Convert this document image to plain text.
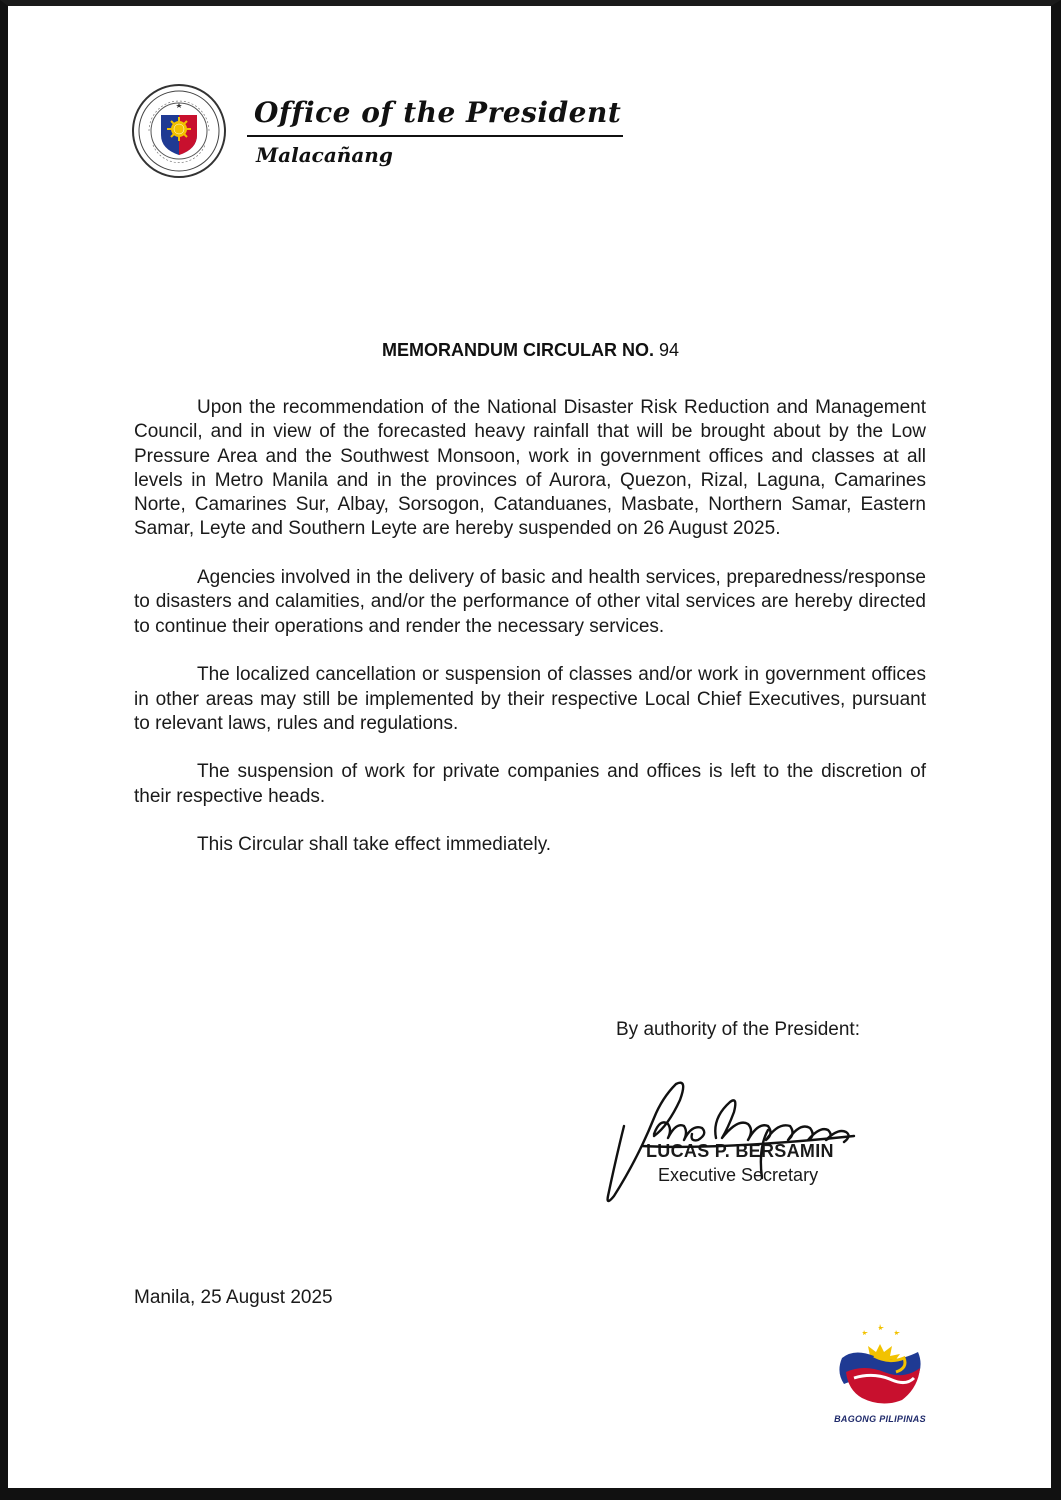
Office of the President
Malacañang
MEMORANDUM CIRCULAR NO. 94

Upon the recommendation of the National Disaster Risk Reduction and Management Council, and in view of the forecasted heavy rainfall that will be brought about by the Low Pressure Area and the Southwest Monsoon, work in government offices and classes at all levels in Metro Manila and in the provinces of Aurora, Quezon, Rizal, Laguna, Camarines Norte, Camarines Sur, Albay, Sorsogon, Catanduanes, Masbate, Northern Samar, Eastern Samar, Leyte and Southern Leyte are hereby suspended on 26 August 2025.

Agencies involved in the delivery of basic and health services, preparedness/response to disasters and calamities, and/or the performance of other vital services are hereby directed to continue their operations and render the necessary services.

The localized cancellation or suspension of classes and/or work in government offices in other areas may still be implemented by their respective Local Chief Executives, pursuant to relevant laws, rules and regulations.

The suspension of work for private companies and offices is left to the discretion of their respective heads.

This Circular shall take effect immediately.

By authority of the President:
LUCAS P. BERSAMIN
Executive Secretary
Manila, 25 August 2025
BAGONG PILIPINAS
